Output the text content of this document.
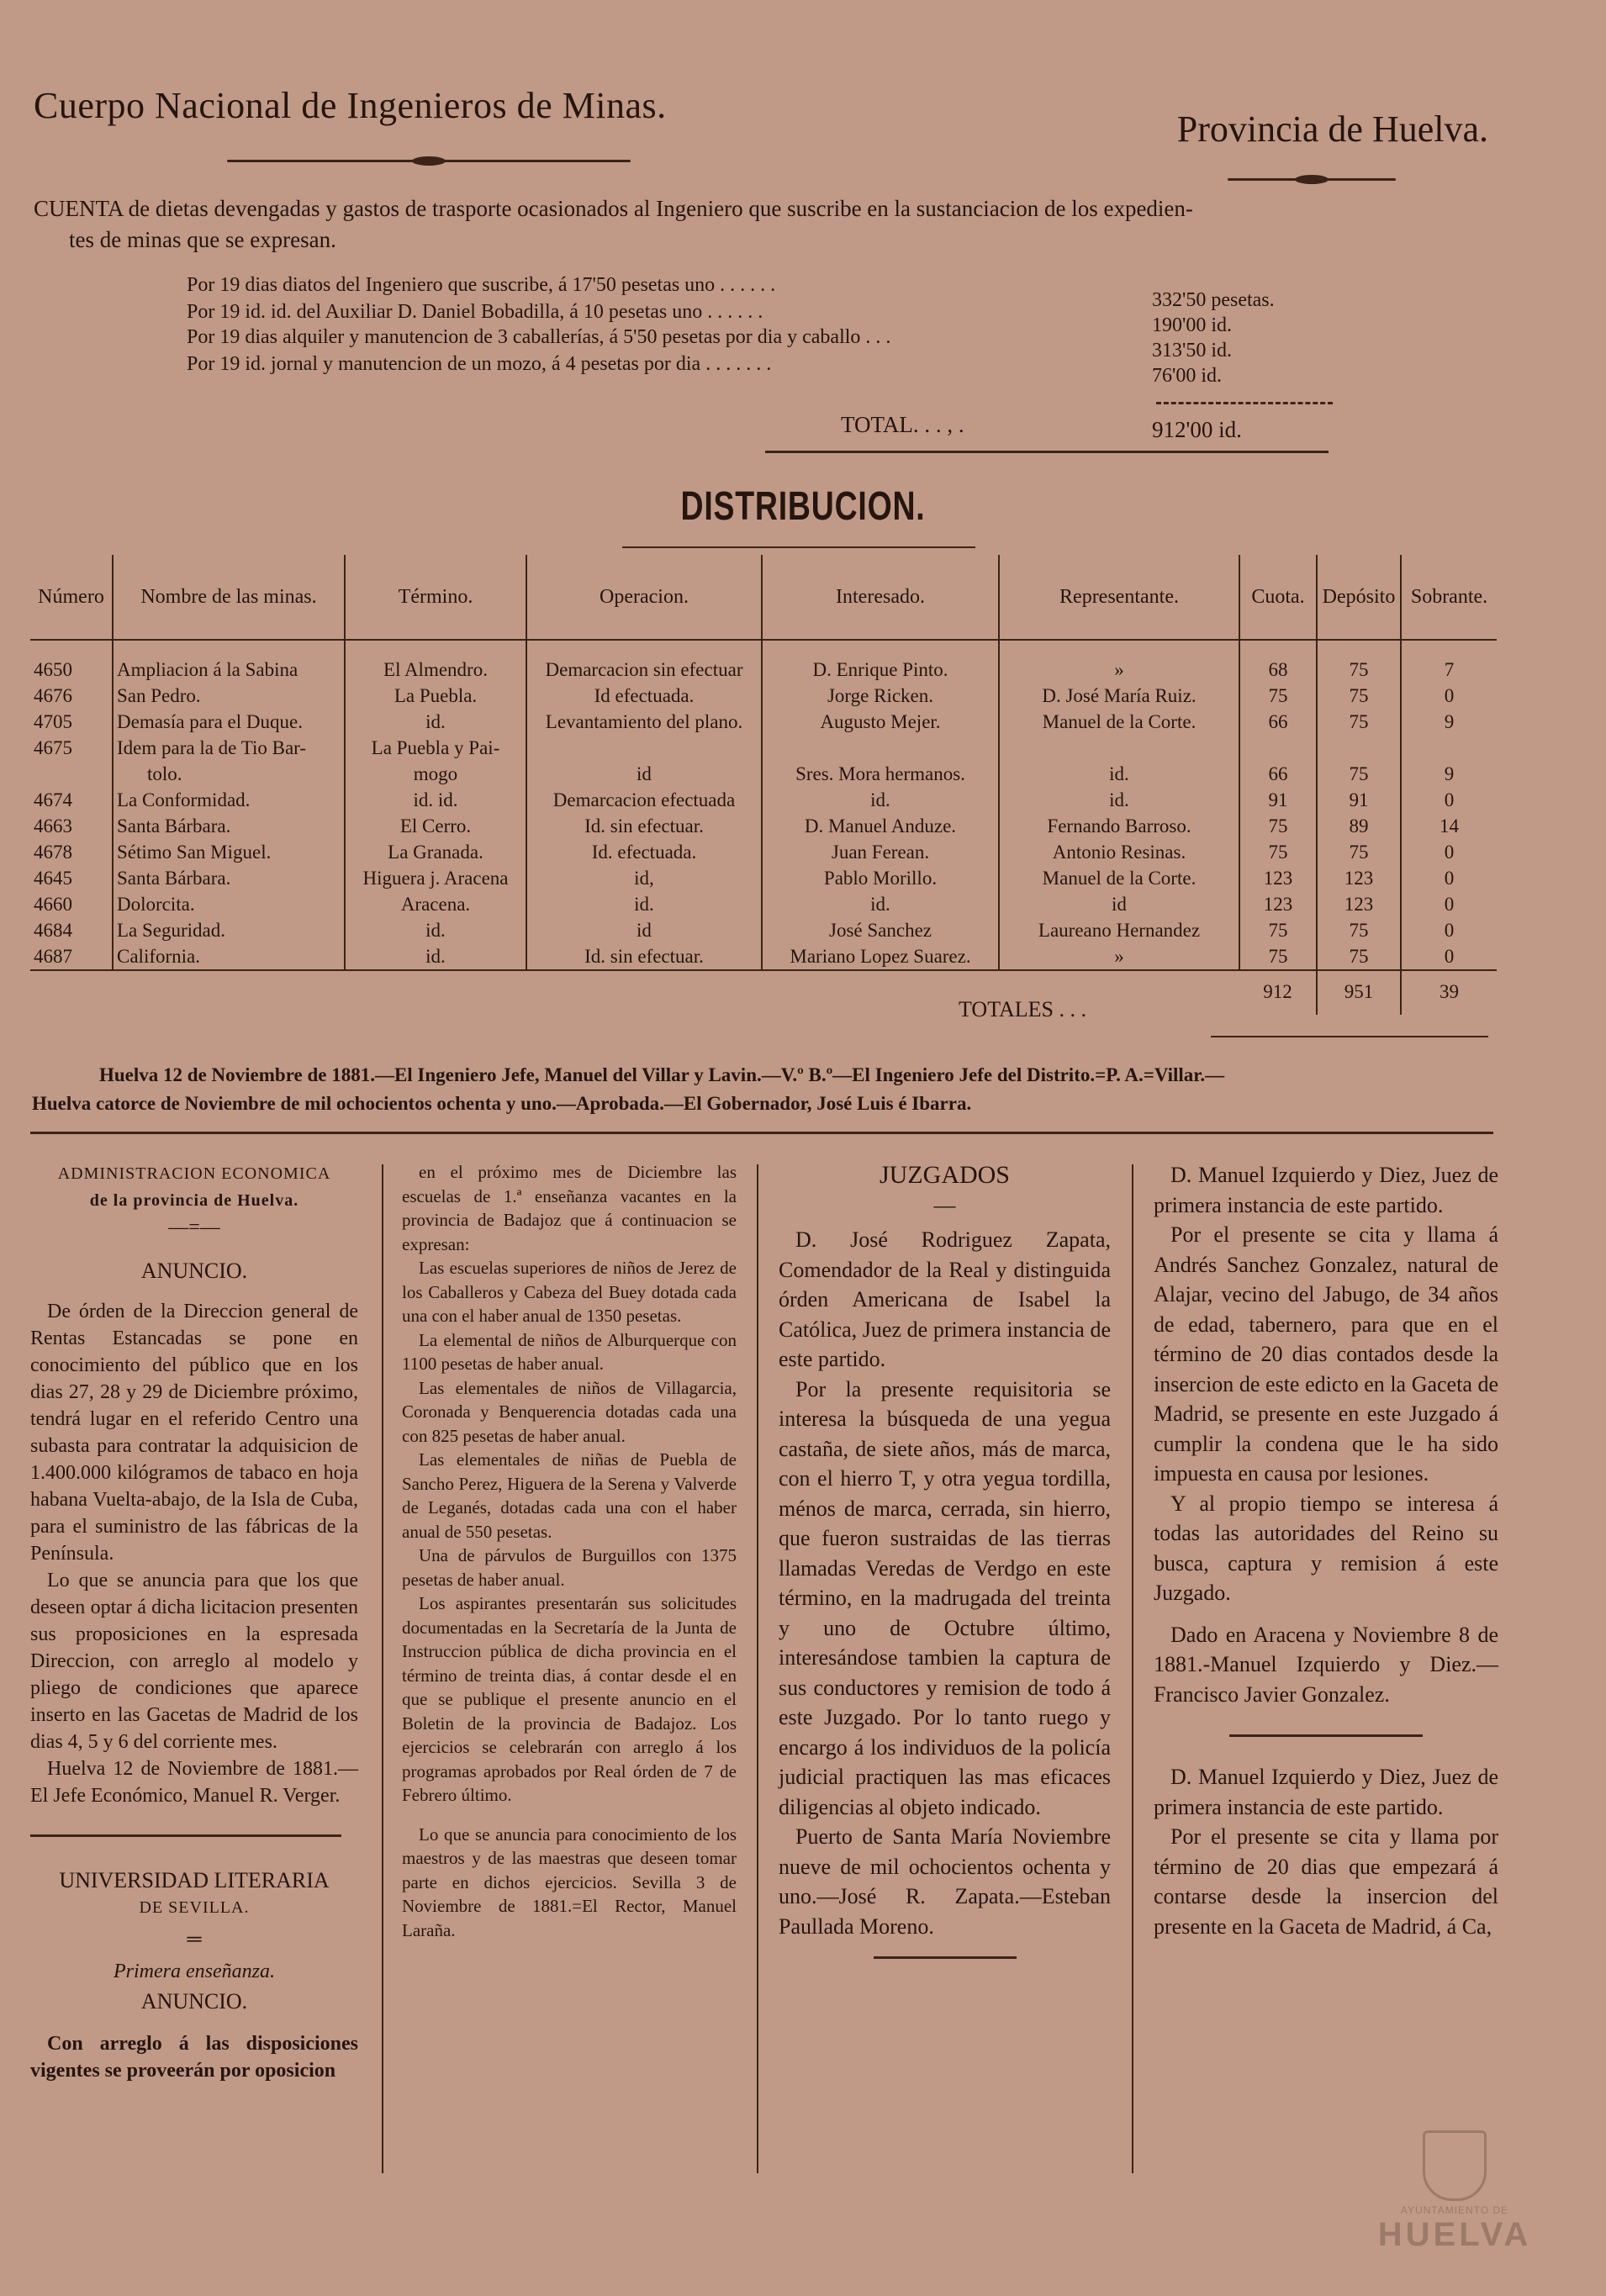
Cuerpo Nacional de Ingenieros de Minas.
Provincia de Huelva.
CUENTA de dietas devengadas y gastos de trasporte ocasionados al Ingeniero que suscribe en la sustanciacion de los expedien-
tes de minas que se expresan.
Por 19 dias diatos del Ingeniero que suscribe, á 17'50 pesetas uno . . . . . .
332'50 pesetas.
Por 19 id. id. del Auxiliar D. Daniel Bobadilla, á 10 pesetas uno . . . . . .
190'00 id.
Por 19 dias alquiler y manutencion de 3 caballerías, á 5'50 pesetas por dia y caballo . . .
313'50 id.
Por 19 id. jornal y manutencion de un mozo, á 4 pesetas por dia . . . . . . .
76'00 id.
TOTAL. . . , .	912'00 id.
DISTRIBUCION.
Número	Nombre de las minas.	Término.	Operacion.	Interesado.	Representante.	Cuota.	Depósito	Sobrante.
4650	Ampliacion á la Sabina	El Almendro.	Demarcacion sin efectuar	D. Enrique Pinto.	»	68	75	7
4676	San Pedro.	La Puebla.	Id efectuada.	Jorge Ricken.	D. José María Ruiz.	75	75	0
4705	Demasía para el Duque.	id.	Levantamiento del plano.	Augusto Mejer.	Manuel de la Corte.	66	75	9
4675	Idem para la de Tio Bar-	La Puebla y Pai-						
	tolo.	mogo	id	Sres. Mora hermanos.	id.	66	75	9
4674	La Conformidad.	id. id.	Demarcacion efectuada	id.	id.	91	91	0
4663	Santa Bárbara.	El Cerro.	Id. sin efectuar.	D. Manuel Anduze.	Fernando Barroso.	75	89	14
4678	Sétimo San Miguel.	La Granada.	Id. efectuada.	Juan Ferean.	Antonio Resinas.	75	75	0
4645	Santa Bárbara.	Higuera j. Aracena	id,	Pablo Morillo.	Manuel de la Corte.	123	123	0
4660	Dolorcita.	Aracena.	id.	id.	id	123	123	0
4684	La Seguridad.	id.	id	José Sanchez	Laureano Hernandez	75	75	0
4687	California.	id.	Id. sin efectuar.	Mariano Lopez Suarez.	»	75	75	0
						912	951	39
TOTALES . . .
Huelva 12 de Noviembre de 1881.—El Ingeniero Jefe, Manuel del Villar y Lavin.—V.º B.º—El Ingeniero Jefe del Distrito.=P. A.=Villar.—
Huelva catorce de Noviembre de mil ochocientos ochenta y uno.—Aprobada.—El Gobernador, José Luis é Ibarra.
ADMINISTRACION ECONOMICA
de la provincia de Huelva.
—=—
ANUNCIO.

De órden de la Direccion general de Rentas Estancadas se pone en conocimiento del público que en los dias 27, 28 y 29 de Diciembre próximo, tendrá lugar en el referido Centro una subasta para contratar la adquisicion de 1.400.000 kilógramos de tabaco en hoja habana Vuelta-abajo, de la Isla de Cuba, para el suministro de las fábricas de la Península.

Lo que se anuncia para que los que deseen optar á dicha licitacion presenten sus proposiciones en la espresada Direccion, con arreglo al modelo y pliego de condiciones que aparece inserto en las Gacetas de Madrid de los dias 4, 5 y 6 del corriente mes.

Huelva 12 de Noviembre de 1881.—El Jefe Económico, Manuel R. Verger.

UNIVERSIDAD LITERARIA
DE SEVILLA.
═
Primera enseñanza.
ANUNCIO.

Con arreglo á las disposiciones vigentes se proveerán por oposicion

en el próximo mes de Diciembre las escuelas de 1.ª enseñanza vacantes en la provincia de Badajoz que á continuacion se expresan:

Las escuelas superiores de niños de Jerez de los Caballeros y Cabeza del Buey dotada cada una con el haber anual de 1350 pesetas.

La elemental de niños de Alburquerque con 1100 pesetas de haber anual.

Las elementales de niños de Villagarcia, Coronada y Benquerencia dotadas cada una con 825 pesetas de haber anual.

Las elementales de niñas de Puebla de Sancho Perez, Higuera de la Serena y Valverde de Leganés, dotadas cada una con el haber anual de 550 pesetas.

Una de párvulos de Burguillos con 1375 pesetas de haber anual.

Los aspirantes presentarán sus solicitudes documentadas en la Secretaría de la Junta de Instruccion pública de dicha provincia en el término de treinta dias, á contar desde el en que se publique el presente anuncio en el Boletin de la provincia de Badajoz. Los ejercicios se celebrarán con arreglo á los programas aprobados por Real órden de 7 de Febrero último.

Lo que se anuncia para conocimiento de los maestros y de las maestras que deseen tomar parte en dichos ejercicios. Sevilla 3 de Noviembre de 1881.=El Rector, Manuel Laraña.

JUZGADOS
—

D. José Rodriguez Zapata, Comendador de la Real y distinguida órden Americana de Isabel la Católica, Juez de primera instancia de este partido.

Por la presente requisitoria se interesa la búsqueda de una yegua castaña, de siete años, más de marca, con el hierro T, y otra yegua tordilla, ménos de marca, cerrada, sin hierro, que fueron sustraidas de las tierras llamadas Veredas de Verdgo en este término, en la madrugada del treinta y uno de Octubre último, interesándose tambien la captura de sus conductores y remision de todo á este Juzgado. Por lo tanto ruego y encargo á los individuos de la policía judicial practiquen las mas eficaces diligencias al objeto indicado.

Puerto de Santa María Noviembre nueve de mil ochocientos ochenta y uno.—José R. Zapata.—Esteban Paullada Moreno.

D. Manuel Izquierdo y Diez, Juez de primera instancia de este partido.

Por el presente se cita y llama á Andrés Sanchez Gonzalez, natural de Alajar, vecino del Jabugo, de 34 años de edad, tabernero, para que en el término de 20 dias contados desde la insercion de este edicto en la Gaceta de Madrid, se presente en este Juzgado á cumplir la condena que le ha sido impuesta en causa por lesiones.

Y al propio tiempo se interesa á todas las autoridades del Reino su busca, captura y remision á este Juzgado.

Dado en Aracena y Noviembre 8 de 1881.-Manuel Izquierdo y Diez.—Francisco Javier Gonzalez.

D. Manuel Izquierdo y Diez, Juez de primera instancia de este partido.

Por el presente se cita y llama por término de 20 dias que empezará á contarse desde la insercion del presente en la Gaceta de Madrid, á Ca,

AYUNTAMIENTO DE
HUELVA
